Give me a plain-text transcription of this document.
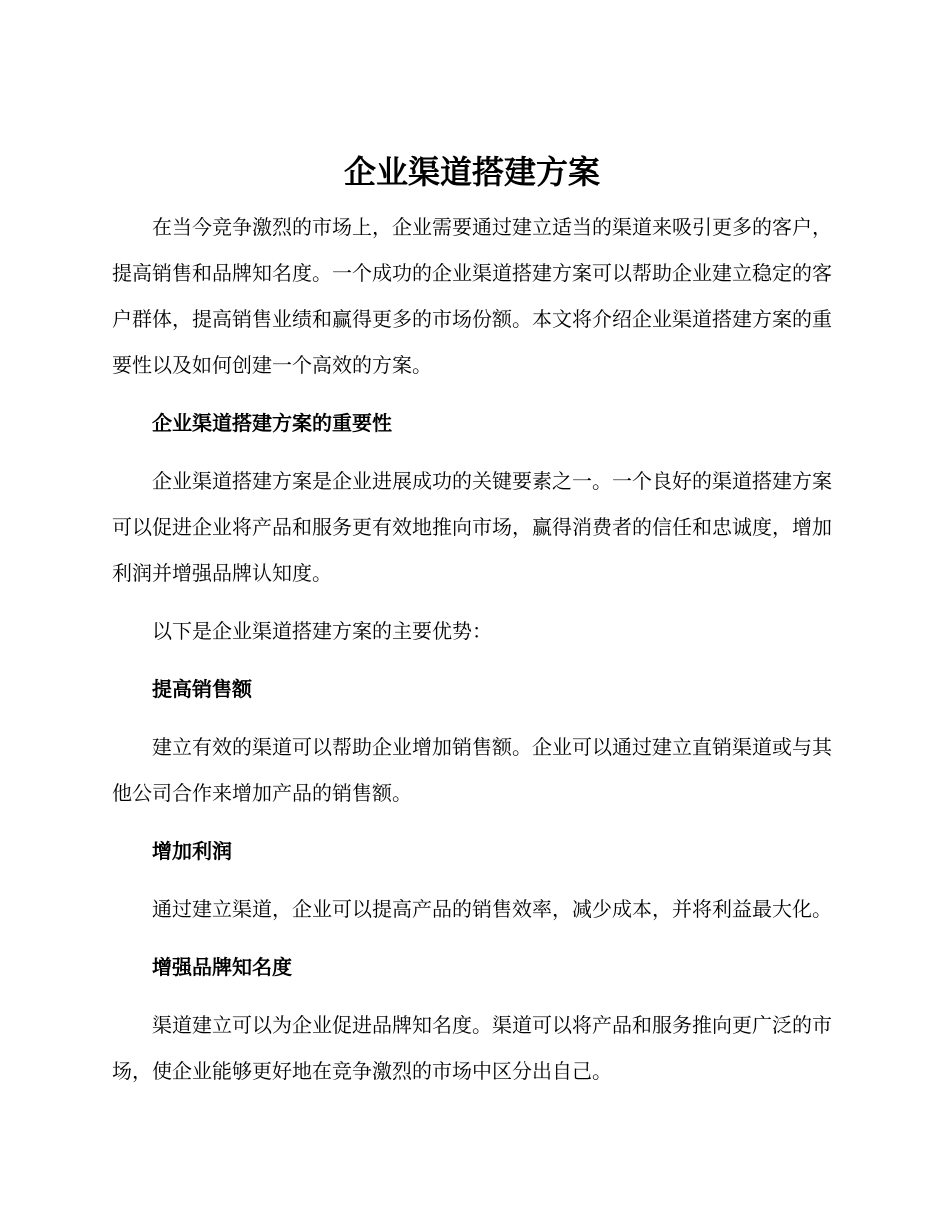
企业渠道搭建方案

在当今竞争激烈的市场上，企业需要通过建立适当的渠道来吸引更多的客户，提高销售和品牌知名度。一个成功的企业渠道搭建方案可以帮助企业建立稳定的客户群体，提高销售业绩和赢得更多的市场份额。本文将介绍企业渠道搭建方案的重要性以及如何创建一个高效的方案。

企业渠道搭建方案的重要性

企业渠道搭建方案是企业进展成功的关键要素之一。一个良好的渠道搭建方案可以促进企业将产品和服务更有效地推向市场，赢得消费者的信任和忠诚度，增加利润并增强品牌认知度。

以下是企业渠道搭建方案的主要优势：

提高销售额

建立有效的渠道可以帮助企业增加销售额。企业可以通过建立直销渠道或与其他公司合作来增加产品的销售额。

增加利润

通过建立渠道，企业可以提高产品的销售效率，减少成本，并将利益最大化。

增强品牌知名度

渠道建立可以为企业促进品牌知名度。渠道可以将产品和服务推向更广泛的市场，使企业能够更好地在竞争激烈的市场中区分出自己。
